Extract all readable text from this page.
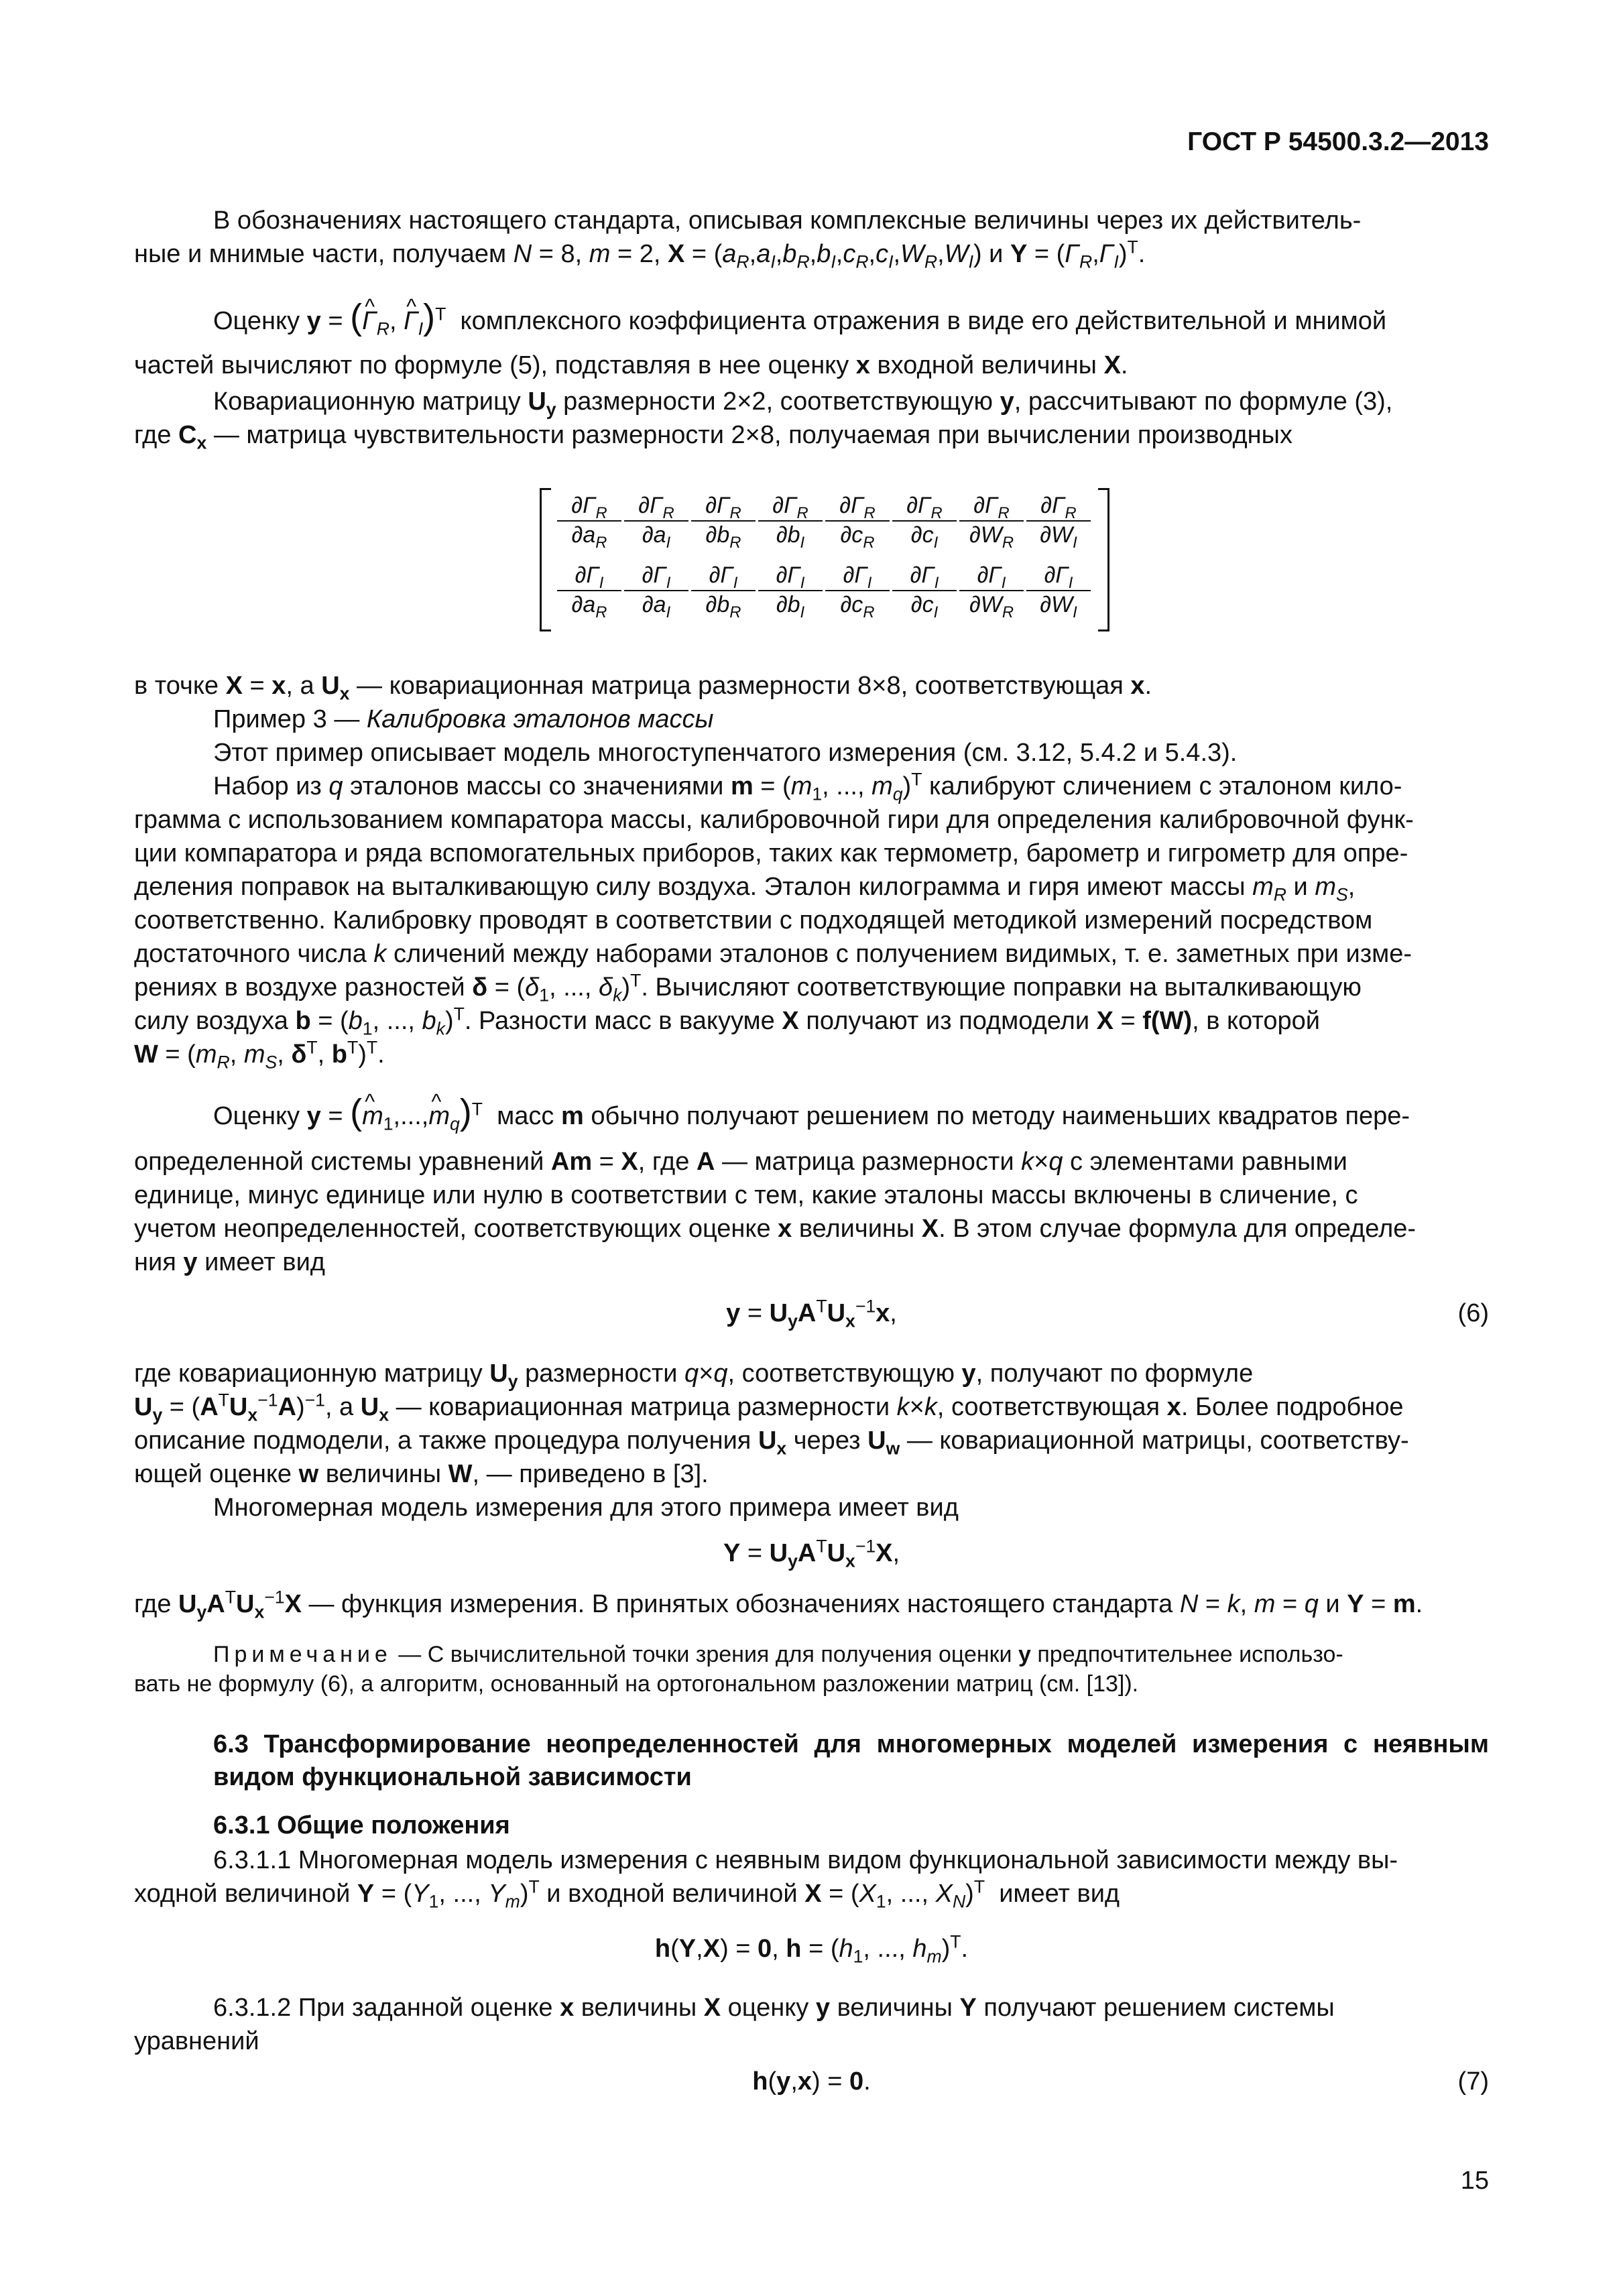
ГОСТ Р 54500.3.2—2013
В обозначениях настоящего стандарта, описывая комплексные величины через их действитель-
ные и мнимые части, получаем N = 8, m = 2, $X = (a_R,a_I,b_R,b_I,c_R,c_I,W_R,W_I)$ и $Y = (\Gamma_R,\Gamma_I)^T$.
Оценку y = (^ $\Gamma_R$, ^ $\Gamma_I)^T$ комплексного коэффициента отражения в виде его действительной и мнимой
частей вычисляют по формуле (5), подставляя в нее оценку x входной величины X.
Ковариационную матрицу $U_y$ размерности 2×2, соответствующую y, рассчитывают по формуле (3),
где $C_x$ — матрица чувствительности размерности 2×8, получаемая при вычислении производных
$\frac{\partial\Gamma_R}{\partial a_R} \frac{\partial\Gamma_R}{\partial a_I} \frac{\partial\Gamma_R}{\partial b_R} \frac{\partial\Gamma_R}{\partial b_I} \frac{\partial\Gamma_R}{\partial c_R} \frac{\partial\Gamma_R}{\partial c_I} \frac{\partial\Gamma_R}{\partial W_R} \frac{\partial\Gamma_R}{\partial W_I}$
$\frac{\partial\Gamma_I}{\partial a_R} \frac{\partial\Gamma_I}{\partial a_I} \frac{\partial\Gamma_I}{\partial b_R} \frac{\partial\Gamma_I}{\partial b_I} \frac{\partial\Gamma_I}{\partial c_R} \frac{\partial\Gamma_I}{\partial c_I} \frac{\partial\Gamma_I}{\partial W_R} \frac{\partial\Gamma_I}{\partial W_I}$
в точке X = x, а $U_x$ — ковариационная матрица размерности 8×8, соответствующая x.
Пример 3 — Калибровка эталонов массы
Этот пример описывает модель многоступенчатого измерения (см. 3.12, 5.4.2 и 5.4.3).
Набор из q эталонов массы со значениями $m = (m_1$, ..., $m_q)^T$ калибруют сличением с эталоном кило-
грамма с использованием компаратора массы, калибровочной гири для определения калибровочной функ-
ции компаратора и ряда вспомогательных приборов, таких как термометр, барометр и гигрометр для опре-
деления поправок на выталкивающую силу воздуха. Эталон килограмма и гиря имеют массы $m_R$ и $m_S$,
соответственно. Калибровку проводят в соответствии с подходящей методикой измерений посредством
достаточного числа k сличений между наборами эталонов с получением видимых, т. е. заметных при изме-
рениях в воздухе разностей $\delta = (\delta_1$, ..., $\delta_k)^T$. Вычисляют соответствующие поправки на выталкивающую
силу воздуха $b = (b_1$, ..., $b_k)^T$. Разности масс в вакууме X получают из подмодели X = f(W), в которой
$W = (m_R$, $m_S$, $\delta^T$, $b^T)^T$.
Оценку y = (^ $m_1,...,\^{}$ $m_q)^T$ масс m обычно получают решением по методу наименьших квадратов пере-
определенной системы уравнений Am = X, где A — матрица размерности k×q с элементами равными
единице, минус единице или нулю в соответствии с тем, какие эталоны массы включены в сличение, с
учетом неопределенностей, соответствующих оценке x величины X. В этом случае формула для определе-
ния y имеет вид
$y = U_yA^TU_x^{-1}x$,	(6)
где ковариационную матрицу $U_y$ размерности q×q, соответствующую y, получают по формуле
$U_y = (A^TU_x^{-1}A)^{-1}$, а $U_x$ — ковариационная матрица размерности k×k, соответствующая x. Более подробное
описание подмодели, а также процедура получения $U_x$ через $U_w$ — ковариационной матрицы, соответству-
ющей оценке w величины W, — приведено в [3].
Многомерная модель измерения для этого примера имеет вид
$Y = U_yA^TU_x^{-1}X$,
где $U_yA^TU_x^{-1}X$ — функция измерения. В принятых обозначениях настоящего стандарта N = k, m = q и Y = m.
Примечание — С вычислительной точки зрения для получения оценки y предпочтительнее использо-
вать не формулу (6), а алгоритм, основанный на ортогональном разложении матриц (см. [13]).
6.3 Трансформирование неопределенностей для многомерных моделей измерения с неявным видом функциональной зависимости
6.3.1 Общие положения
6.3.1.1 Многомерная модель измерения с неявным видом функциональной зависимости между вы-
ходной величиной $Y = (Y_1$, ..., $Y_m)^T$ и входной величиной $X = (X_1$, ..., $X_N)^T$ имеет вид
h(Y,X) = 0, $h = (h_1$, ..., $h_m)^T$.
6.3.1.2 При заданной оценке x величины X оценку y величины Y получают решением системы
уравнений
h(y,x) = 0.	(7)
15
